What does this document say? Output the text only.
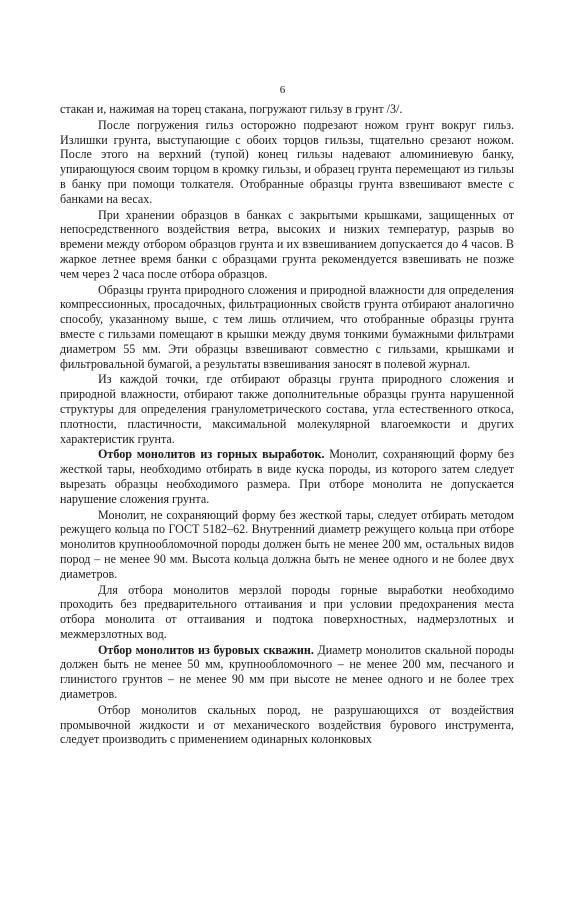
6

стакан и, нажимая на торец стакана, погружают гильзу в грунт /3/.

После погружения гильз осторожно подрезают ножом грунт вокруг гильз. Излишки грунта, выступающие с обоих торцов гильзы, тщательно срезают ножом. После этого на верхний (тупой) конец гильзы надевают алюминиевую банку, упирающуюся своим торцом в кромку гильзы, и образец грунта перемещают из гильзы в банку при помощи толкателя. Отобранные образцы грунта взвешивают вместе с банками на весах.

При хранении образцов в банках с закрытыми крышками, защищенных от непосредственного воздействия ветра, высоких и низких температур, разрыв во времени между отбором образцов грунта и их взвешиванием допускается до 4 часов. В жаркое летнее время банки с образцами грунта рекомендуется взвешивать не позже чем через 2 часа после отбора образцов.

Образцы грунта природного сложения и природной влажности для определения компрессионных, просадочных, фильтрационных свойств грунта отбирают аналогично способу, указанному выше, с тем лишь отличием, что отобранные образцы грунта вместе с гильзами помещают в крышки между двумя тонкими бумажными фильтрами диаметром 55 мм. Эти образцы взвешивают совместно с гильзами, крышками и фильтровальной бумагой, а результаты взвешивания заносят в полевой журнал.

Из каждой точки, где отбирают образцы грунта природного сложения и природной влажности, отбирают также дополнительные образцы грунта нарушенной структуры для определения гранулометрического состава, угла естественного откоса, плотности, пластичности, максимальной молекулярной влагоемкости и других характеристик грунта.

Отбор монолитов из горных выработок. Монолит, сохраняющий форму без жесткой тары, необходимо отбирать в виде куска породы, из которого затем следует вырезать образцы необходимого размера. При отборе монолита не допускается нарушение сложения грунта.

Монолит, не сохраняющий форму без жесткой тары, следует отбирать методом режущего кольца по ГОСТ 5182–62. Внутренний диаметр режущего кольца при отборе монолитов крупнообломочной породы должен быть не менее 200 мм, остальных видов пород – не менее 90 мм. Высота кольца должна быть не менее одного и не более двух диаметров.

Для отбора монолитов мерзлой породы горные выработки необходимо проходить без предварительного оттаивания и при условии предохранения места отбора монолита от оттаивания и подтока поверхностных, надмерзлотных и межмерзлотных вод.

Отбор монолитов из буровых скважин. Диаметр монолитов скальной породы должен быть не менее 50 мм, крупнообломочного – не менее 200 мм, песчаного и глинистого грунтов – не менее 90 мм при высоте не менее одного и не более трех диаметров.

Отбор монолитов скальных пород, не разрушающихся от воздействия промывочной жидкости и от механического воздействия бурового инструмента, следует производить с применением одинарных колонковых
